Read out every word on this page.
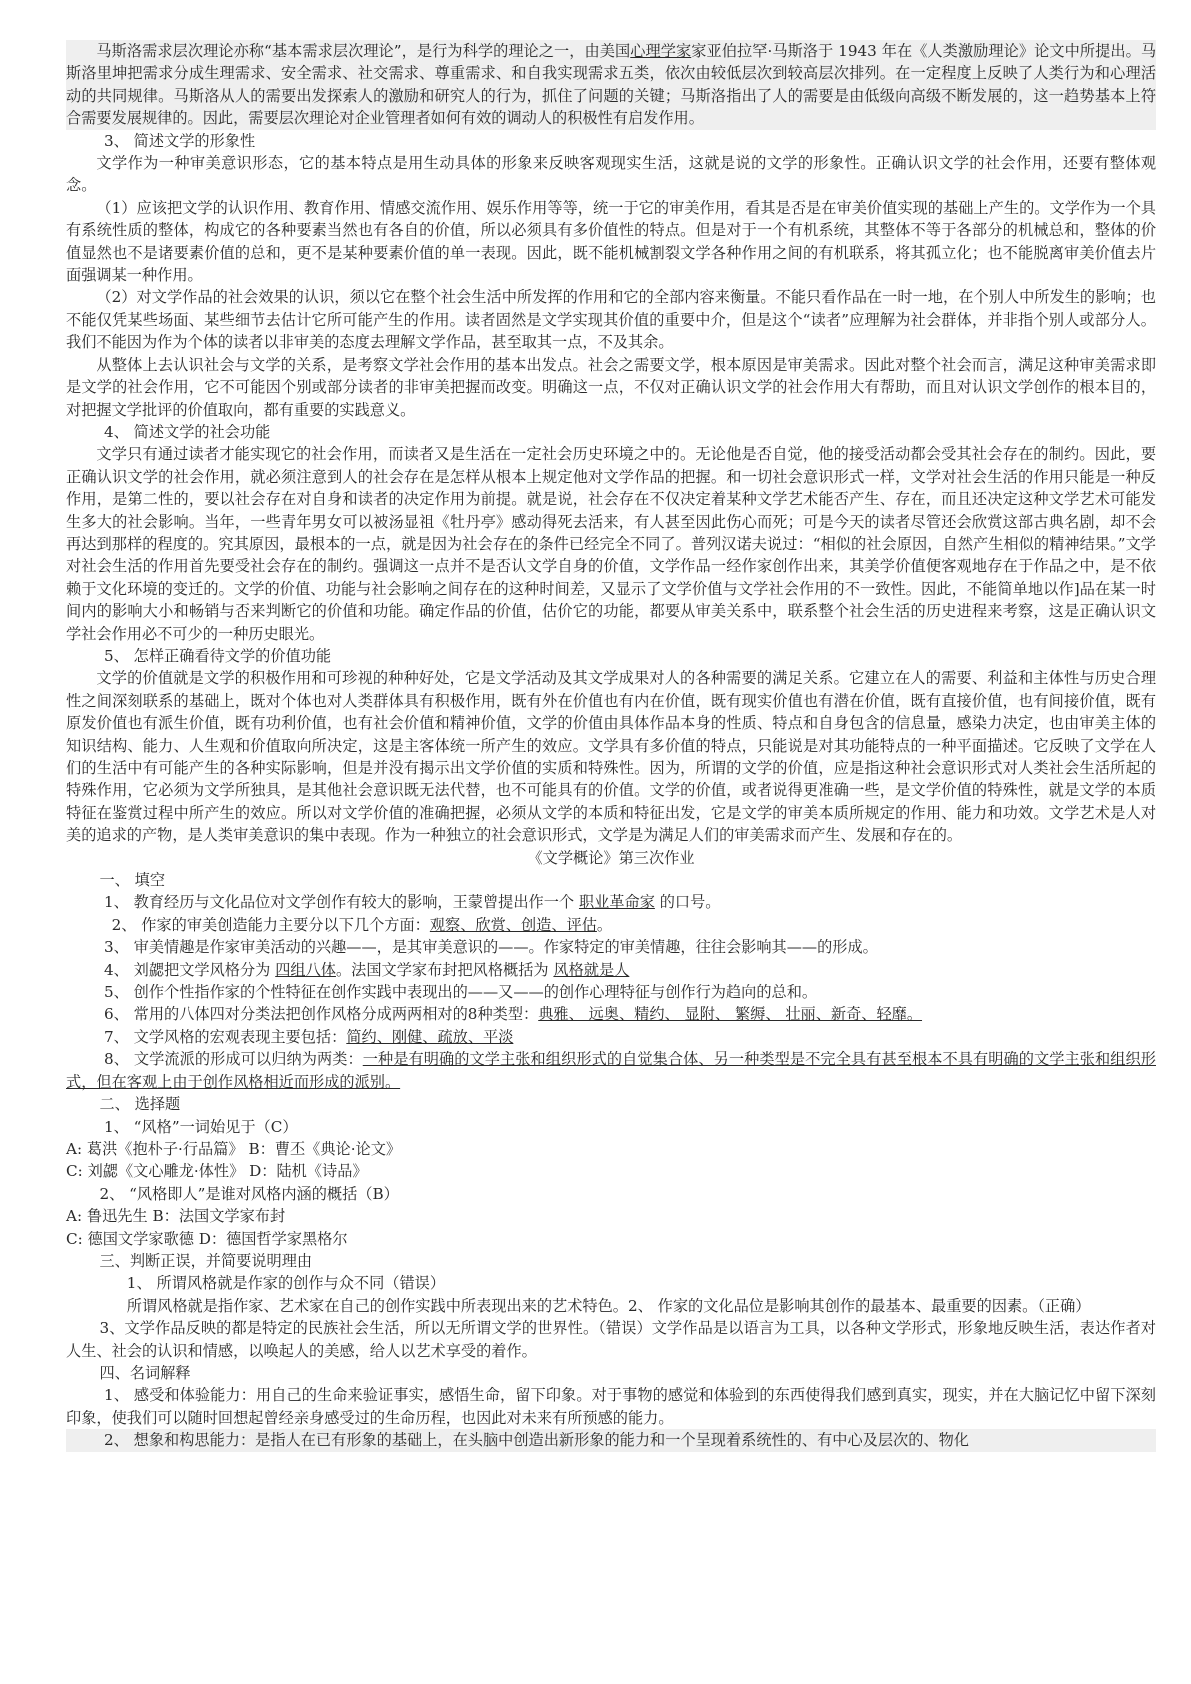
马斯洛需求层次理论亦称“基本需求层次理论”，是行为科学的理论之一，由美国心理学家家亚伯拉罕·马斯洛于 1943 年在《人类激励理论》论文中所提出。马斯洛里坤把需求分成生理需求、安全需求、社交需求、尊重需求、和自我实现需求五类，依次由较低层次到较高层次排列。在一定程度上反映了人类行为和心理活动的共同规律。马斯洛从人的需要出发探索人的激励和研究人的行为，抓住了问题的关键；马斯洛指出了人的需要是由低级向高级不断发展的，这一趋势基本上符合需要发展规律的。因此，需要层次理论对企业管理者如何有效的调动人的积极性有启发作用。

3、 简述文学的形象性

文学作为一种审美意识形态，它的基本特点是用生动具体的形象来反映客观现实生活，这就是说的文学的形象性。正确认识文学的社会作用，还要有整体观念。

（1）应该把文学的认识作用、教育作用、情感交流作用、娱乐作用等等，统一于它的审美作用，看其是否是在审美价值实现的基础上产生的。文学作为一个具有系统性质的整体，构成它的各种要素当然也有各自的价值，所以必须具有多价值性的特点。但是对于一个有机系统，其整体不等于各部分的机械总和，整体的价值显然也不是诸要素价值的总和，更不是某种要素价值的单一表现。因此，既不能机械割裂文学各种作用之间的有机联系，将其孤立化；也不能脱离审美价值去片面强调某一种作用。

（2）对文学作品的社会效果的认识，须以它在整个社会生活中所发挥的作用和它的全部内容来衡量。不能只看作品在一时一地，在个别人中所发生的影响；也不能仅凭某些场面、某些细节去估计它所可能产生的作用。读者固然是文学实现其价值的重要中介，但是这个“读者”应理解为社会群体，并非指个别人或部分人。我们不能因为作为个体的读者以非审美的态度去理解文学作品，甚至取其一点，不及其余。

从整体上去认识社会与文学的关系，是考察文学社会作用的基本出发点。社会之需要文学，根本原因是审美需求。因此对整个社会而言，满足这种审美需求即是文学的社会作用，它不可能因个别或部分读者的非审美把握而改变。明确这一点，不仅对正确认识文学的社会作用大有帮助，而且对认识文学创作的根本目的，对把握文学批评的价值取向，都有重要的实践意义。

4、 简述文学的社会功能

文学只有通过读者才能实现它的社会作用，而读者又是生活在一定社会历史环境之中的。无论他是否自觉，他的接受活动都会受其社会存在的制约。因此，要正确认识文学的社会作用，就必须注意到人的社会存在是怎样从根本上规定他对文学作品的把握。和一切社会意识形式一样，文学对社会生活的作用只能是一种反作用，是第二性的，要以社会存在对自身和读者的决定作用为前提。就是说，社会存在不仅决定着某种文学艺术能否产生、存在，而且还决定这种文学艺术可能发生多大的社会影响。当年，一些青年男女可以被汤显祖《牡丹亭》感动得死去活来，有人甚至因此伤心而死；可是今天的读者尽管还会欣赏这部古典名剧，却不会再达到那样的程度的。究其原因，最根本的一点，就是因为社会存在的条件已经完全不同了。普列汉诺夫说过：“相似的社会原因，自然产生相似的精神结果。”文学对社会生活的作用首先要受社会存在的制约。强调这一点并不是否认文学自身的价值，文学作品一经作家创作出来，其美学价值便客观地存在于作品之中，是不依赖于文化环境的变迁的。文学的价值、功能与社会影响之间存在的这种时间差，又显示了文学价值与文学社会作用的不一致性。因此，不能简单地以作]品在某一时间内的影响大小和畅销与否来判断它的价值和功能。确定作品的价值，估价它的功能，都要从审美关系中，联系整个社会生活的历史进程来考察，这是正确认识文学社会作用必不可少的一种历史眼光。

5、 怎样正确看待文学的价值功能

文学的价值就是文学的积极作用和可珍视的种种好处，它是文学活动及其文学成果对人的各种需要的满足关系。它建立在人的需要、利益和主体性与历史合理性之间深刻联系的基础上，既对个体也对人类群体具有积极作用，既有外在价值也有内在价值，既有现实价值也有潜在价值，既有直接价值，也有间接价值，既有原发价值也有派生价值，既有功利价值，也有社会价值和精神价值，文学的价值由具体作品本身的性质、特点和自身包含的信息量，感染力决定，也由审美主体的知识结构、能力、人生观和价值取向所决定，这是主客体统一所产生的效应。文学具有多价值的特点，只能说是对其功能特点的一种平面描述。它反映了文学在人们的生活中有可能产生的各种实际影响，但是并没有揭示出文学价值的实质和特殊性。因为，所谓的文学的价值，应是指这种社会意识形式对人类社会生活所起的特殊作用，它必须为文学所独具，是其他社会意识既无法代替，也不可能具有的价值。文学的价值，或者说得更准确一些，是文学价值的特殊性，就是文学的本质特征在鉴赏过程中所产生的效应。所以对文学价值的准确把握，必须从文学的本质和特征出发，它是文学的审美本质所规定的作用、能力和功效。文学艺术是人对美的追求的产物，是人类审美意识的集中表现。作为一种独立的社会意识形式，文学是为满足人们的审美需求而产生、发展和存在的。

《文学概论》第三次作业

一、 填空

1、 教育经历与文化品位对文学创作有较大的影响，王蒙曾提出作一个 职业革命家 的口号。

2、 作家的审美创造能力主要分以下几个方面：观察、欣赏、创造、评估。

3、 审美情趣是作家审美活动的兴趣——，是其审美意识的——。作家特定的审美情趣，往往会影响其——的形成。

4、 刘勰把文学风格分为 四组八体。法国文学家布封把风格概括为 风格就是人

5、 创作个性指作家的个性特征在创作实践中表现出的——又——的创作心理特征与创作行为趋向的总和。

6、 常用的八体四对分类法把创作风格分成两两相对的8种类型：典雅、 远奥、精约、 显附、 繁缛、 壮丽、新奇、轻靡。

7、 文学风格的宏观表现主要包括：简约、刚健、疏放、平淡

8、 文学流派的形成可以归纳为两类：一种是有明确的文学主张和组织形式的自觉集合体、另一种类型是不完全具有甚至根本不具有明确的文学主张和组织形式，但在客观上由于创作风格相近而形成的派别。

二、 选择题

1、 “风格”一词始见于（C）

A: 葛洪《抱朴子·行品篇》 B：曹丕《典论·论文》

C: 刘勰《文心雕龙·体性》 D：陆机《诗品》

2、 “风格即人”是谁对风格内涵的概括（B）

A: 鲁迅先生 B：法国文学家布封

C: 德国文学家歌德 D：德国哲学家黑格尔

三、判断正误，并简要说明理由

1、 所谓风格就是作家的创作与众不同（错误）

所谓风格就是指作家、艺术家在自己的创作实践中所表现出来的艺术特色。2、 作家的文化品位是影响其创作的最基本、最重要的因素。（正确）

3、文学作品反映的都是特定的民族社会生活，所以无所谓文学的世界性。（错误）文学作品是以语言为工具，以各种文学形式，形象地反映生活，表达作者对人生、社会的认识和情感，以唤起人的美感，给人以艺术享受的着作。

四、名词解释

1、 感受和体验能力：用自己的生命来验证事实，感悟生命，留下印象。对于事物的感觉和体验到的东西使得我们感到真实，现实，并在大脑记忆中留下深刻印象，使我们可以随时回想起曾经亲身感受过的生命历程，也因此对未来有所预感的能力。

2、 想象和构思能力：是指人在已有形象的基础上，在头脑中创造出新形象的能力和一个呈现着系统性的、有中心及层次的、物化
